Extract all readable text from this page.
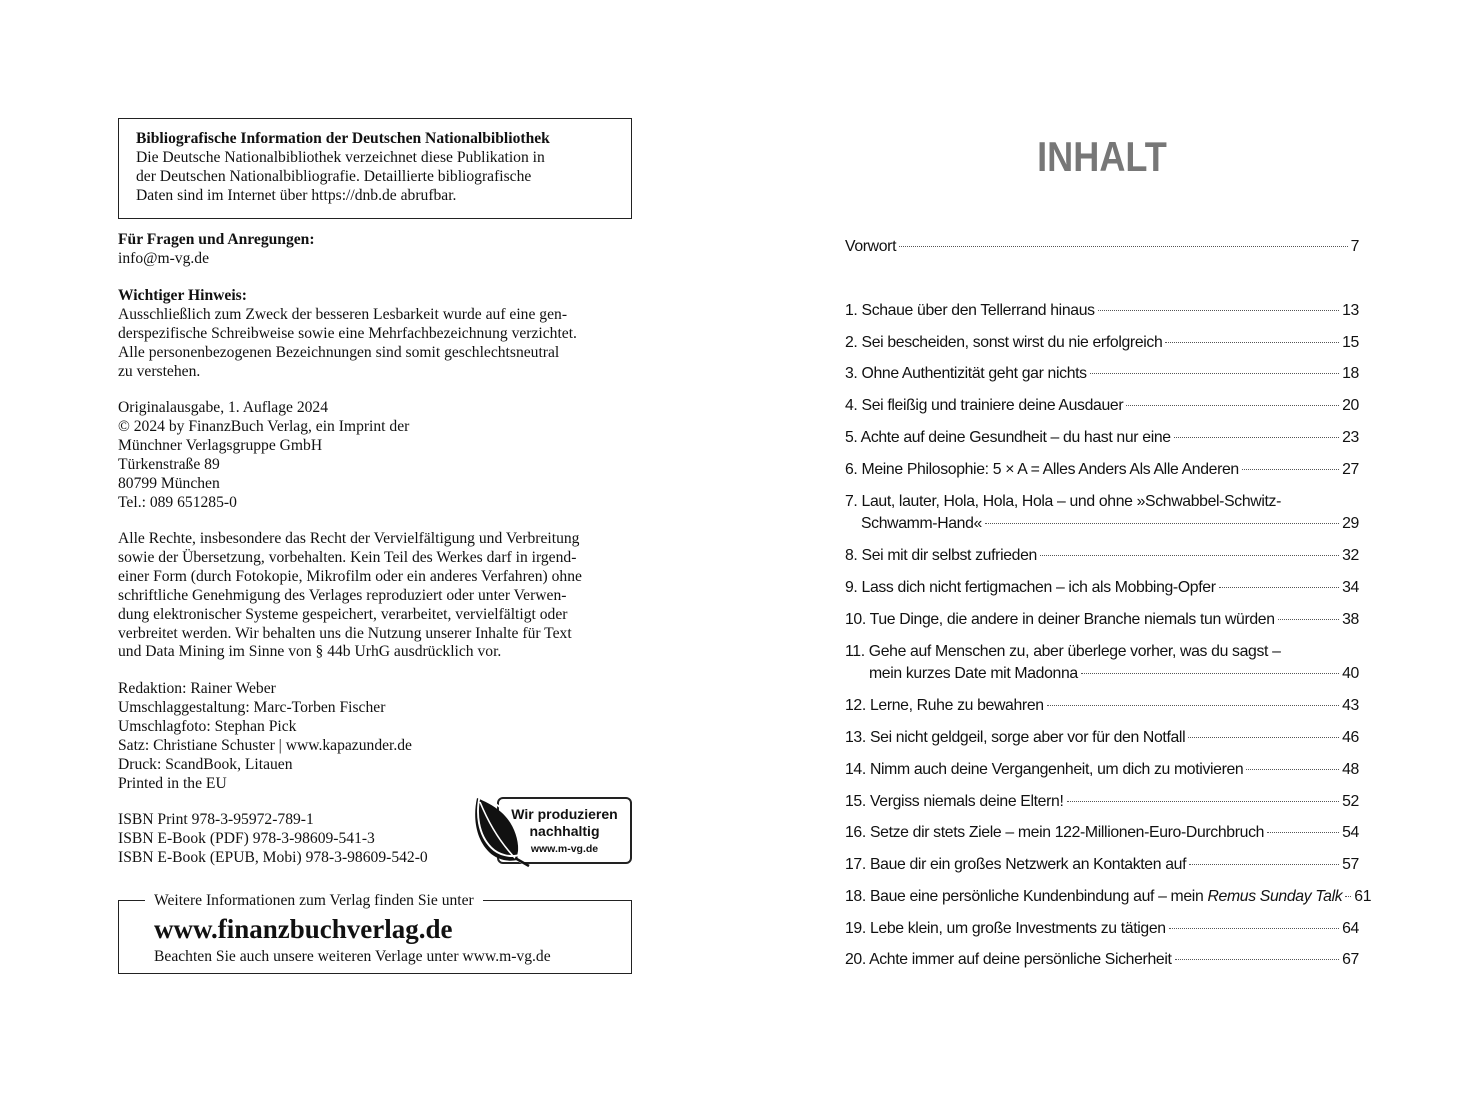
Bibliografische Information der Deutschen Nationalbibliothek
Die Deutsche Nationalbibliothek verzeichnet diese Publikation in
der Deutschen Nationalbibliografie. Detaillierte bibliografische
Daten sind im Internet über https://dnb.de abrufbar.
Für Fragen und Anregungen:
info@m-vg.de
Wichtiger Hinweis:
Ausschließlich zum Zweck der besseren Lesbarkeit wurde auf eine gen-
derspezifische Schreibweise sowie eine Mehrfachbezeichnung verzichtet.
Alle personenbezogenen Bezeichnungen sind somit geschlechtsneutral
zu verstehen.
Originalausgabe, 1. Auflage 2024
© 2024 by FinanzBuch Verlag, ein Imprint der
Münchner Verlagsgruppe GmbH
Türkenstraße 89
80799 München
Tel.: 089 651285-0
Alle Rechte, insbesondere das Recht der Vervielfältigung und Verbreitung
sowie der Übersetzung, vorbehalten. Kein Teil des Werkes darf in irgend-
einer Form (durch Fotokopie, Mikrofilm oder ein anderes Verfahren) ohne
schriftliche Genehmigung des Verlages reproduziert oder unter Verwen-
dung elektronischer Systeme gespeichert, verarbeitet, vervielfältigt oder
verbreitet werden. Wir behalten uns die Nutzung unserer Inhalte für Text
und Data Mining im Sinne von § 44b UrhG ausdrücklich vor.
Redaktion: Rainer Weber
Umschlaggestaltung: Marc-Torben Fischer
Umschlagfoto: Stephan Pick
Satz: Christiane Schuster | www.kapazunder.de
Druck: ScandBook, Litauen
Printed in the EU
ISBN Print 978-3-95972-789-1
ISBN E-Book (PDF) 978-3-98609-541-3
ISBN E-Book (EPUB, Mobi) 978-3-98609-542-0
Wir produzieren
nachhaltig
www.m-vg.de
Weitere Informationen zum Verlag finden Sie unter
www.finanzbuchverlag.de
Beachten Sie auch unsere weiteren Verlage unter www.m-vg.de
INHALT
Vorwort	7
1. Schaue über den Tellerrand hinaus	13
2. Sei bescheiden, sonst wirst du nie erfolgreich	15
3. Ohne Authentizität geht gar nichts	18
4. Sei fleißig und trainiere deine Ausdauer	20
5. Achte auf deine Gesundheit – du hast nur eine	23
6. Meine Philosophie: 5 × A = Alles Anders Als Alle Anderen	27
7. Laut, lauter, Hola, Hola, Hola – und ohne »Schwabbel-Schwitz-
Schwamm-Hand«	29
8. Sei mit dir selbst zufrieden	32
9. Lass dich nicht fertigmachen – ich als Mobbing-Opfer	34
10. Tue Dinge, die andere in deiner Branche niemals tun würden	38
11. Gehe auf Menschen zu, aber überlege vorher, was du sagst –
mein kurzes Date mit Madonna	40
12. Lerne, Ruhe zu bewahren	43
13. Sei nicht geldgeil, sorge aber vor für den Notfall	46
14. Nimm auch deine Vergangenheit, um dich zu motivieren	48
15. Vergiss niemals deine Eltern!	52
16. Setze dir stets Ziele – mein 122-Millionen-Euro-Durchbruch	54
17. Baue dir ein großes Netzwerk an Kontakten auf	57
18. Baue eine persönliche Kundenbindung auf – mein Remus Sunday Talk 61
19. Lebe klein, um große Investments zu tätigen	64
20. Achte immer auf deine persönliche Sicherheit	67
